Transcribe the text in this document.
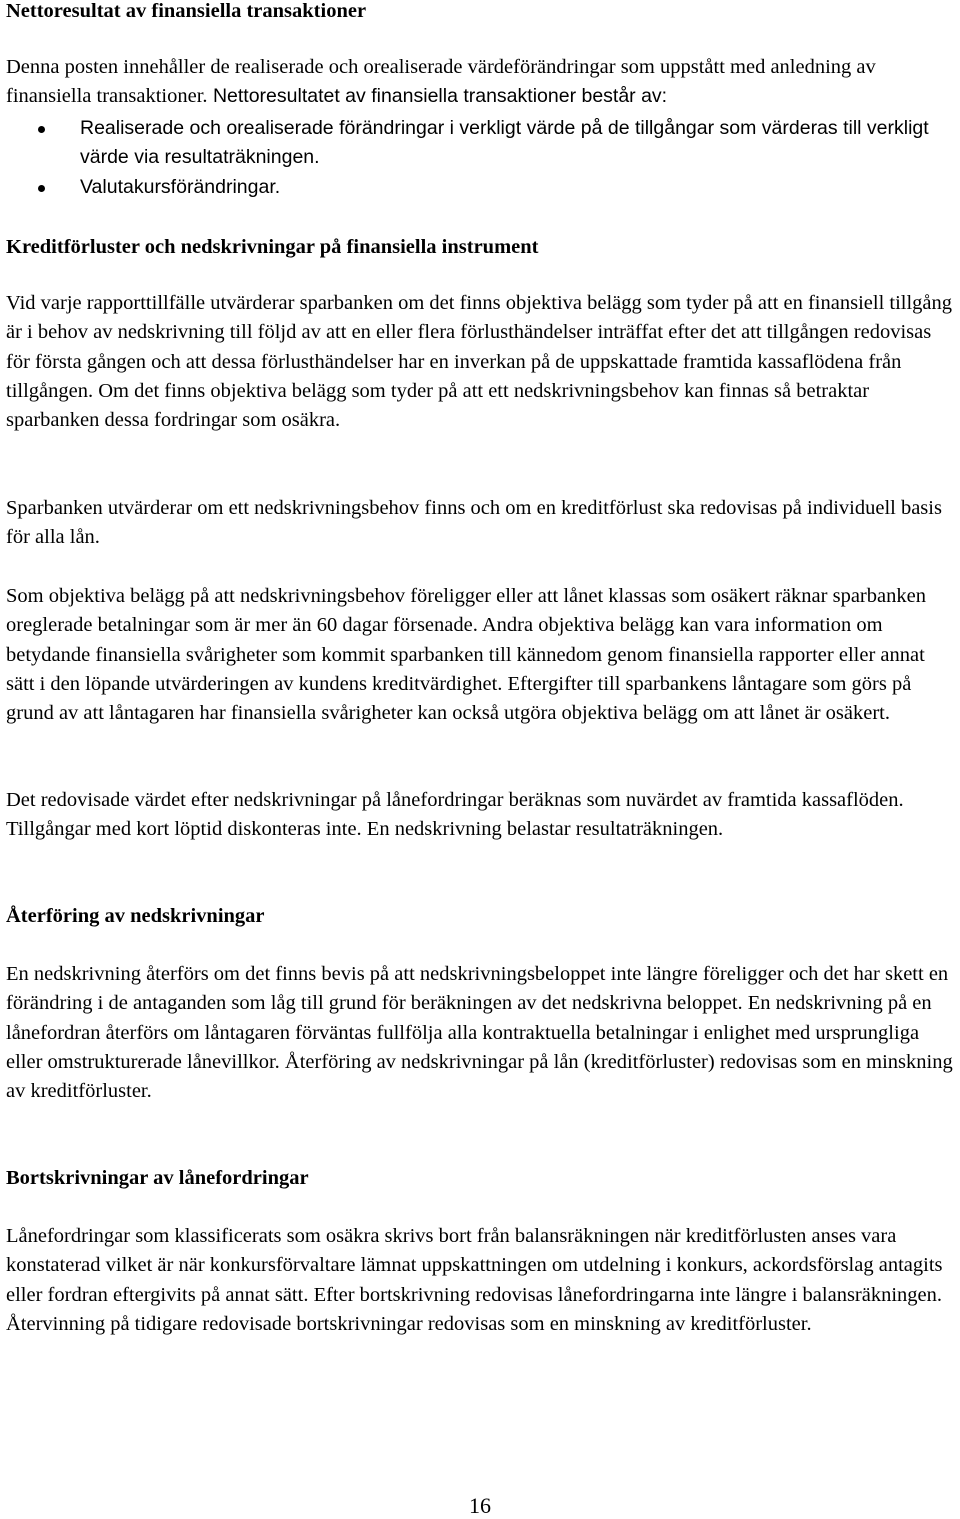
Nettoresultat av finansiella transaktioner

Denna posten innehåller de realiserade och orealiserade värdeförändringar som uppstått med anledning av finansiella transaktioner. Nettoresultatet av finansiella transaktioner består av:

Realiserade och orealiserade förändringar i verkligt värde på de tillgångar som värderas till verkligt värde via resultaträkningen.
Valutakursförändringar.

Kreditförluster och nedskrivningar på finansiella instrument

Vid varje rapporttillfälle utvärderar sparbanken om det finns objektiva belägg som tyder på att en finansiell tillgång är i behov av nedskrivning till följd av att en eller flera förlusthändelser inträffat efter det att tillgången redovisas för första gången och att dessa förlusthändelser har en inverkan på de uppskattade framtida kassaflödena från tillgången. Om det finns objektiva belägg som tyder på att ett nedskrivningsbehov kan finnas så betraktar sparbanken dessa fordringar som osäkra.

Sparbanken utvärderar om ett nedskrivningsbehov finns och om en kreditförlust ska redovisas på individuell basis för alla lån.

Som objektiva belägg på att nedskrivningsbehov föreligger eller att lånet klassas som osäkert räknar sparbanken oreglerade betalningar som är mer än 60 dagar försenade. Andra objektiva belägg kan vara information om betydande finansiella svårigheter som kommit sparbanken till kännedom genom finansiella rapporter eller annat sätt i den löpande utvärderingen av kundens kreditvärdighet. Eftergifter till sparbankens låntagare som görs på grund av att låntagaren har finansiella svårigheter kan också utgöra objektiva belägg om att lånet är osäkert.

Det redovisade värdet efter nedskrivningar på lånefordringar beräknas som nuvärdet av framtida kassaflöden. Tillgångar med kort löptid diskonteras inte. En nedskrivning belastar resultaträkningen.

Återföring av nedskrivningar

En nedskrivning återförs om det finns bevis på att nedskrivningsbeloppet inte längre föreligger och det har skett en förändring i de antaganden som låg till grund för beräkningen av det nedskrivna beloppet. En nedskrivning på en lånefordran återförs om låntagaren förväntas fullfölja alla kontraktuella betalningar i enlighet med ursprungliga eller omstrukturerade lånevillkor. Återföring av nedskrivningar på lån (kreditförluster) redovisas som en minskning av kreditförluster.

Bortskrivningar av lånefordringar

Lånefordringar som klassificerats som osäkra skrivs bort från balansräkningen när kreditförlusten anses vara konstaterad vilket är när konkursförvaltare lämnat uppskattningen om utdelning i konkurs, ackordsförslag antagits eller fordran eftergivits på annat sätt. Efter bortskrivning redovisas lånefordringarna inte längre i balansräkningen. Återvinning på tidigare redovisade bortskrivningar redovisas som en minskning av kreditförluster.

16
